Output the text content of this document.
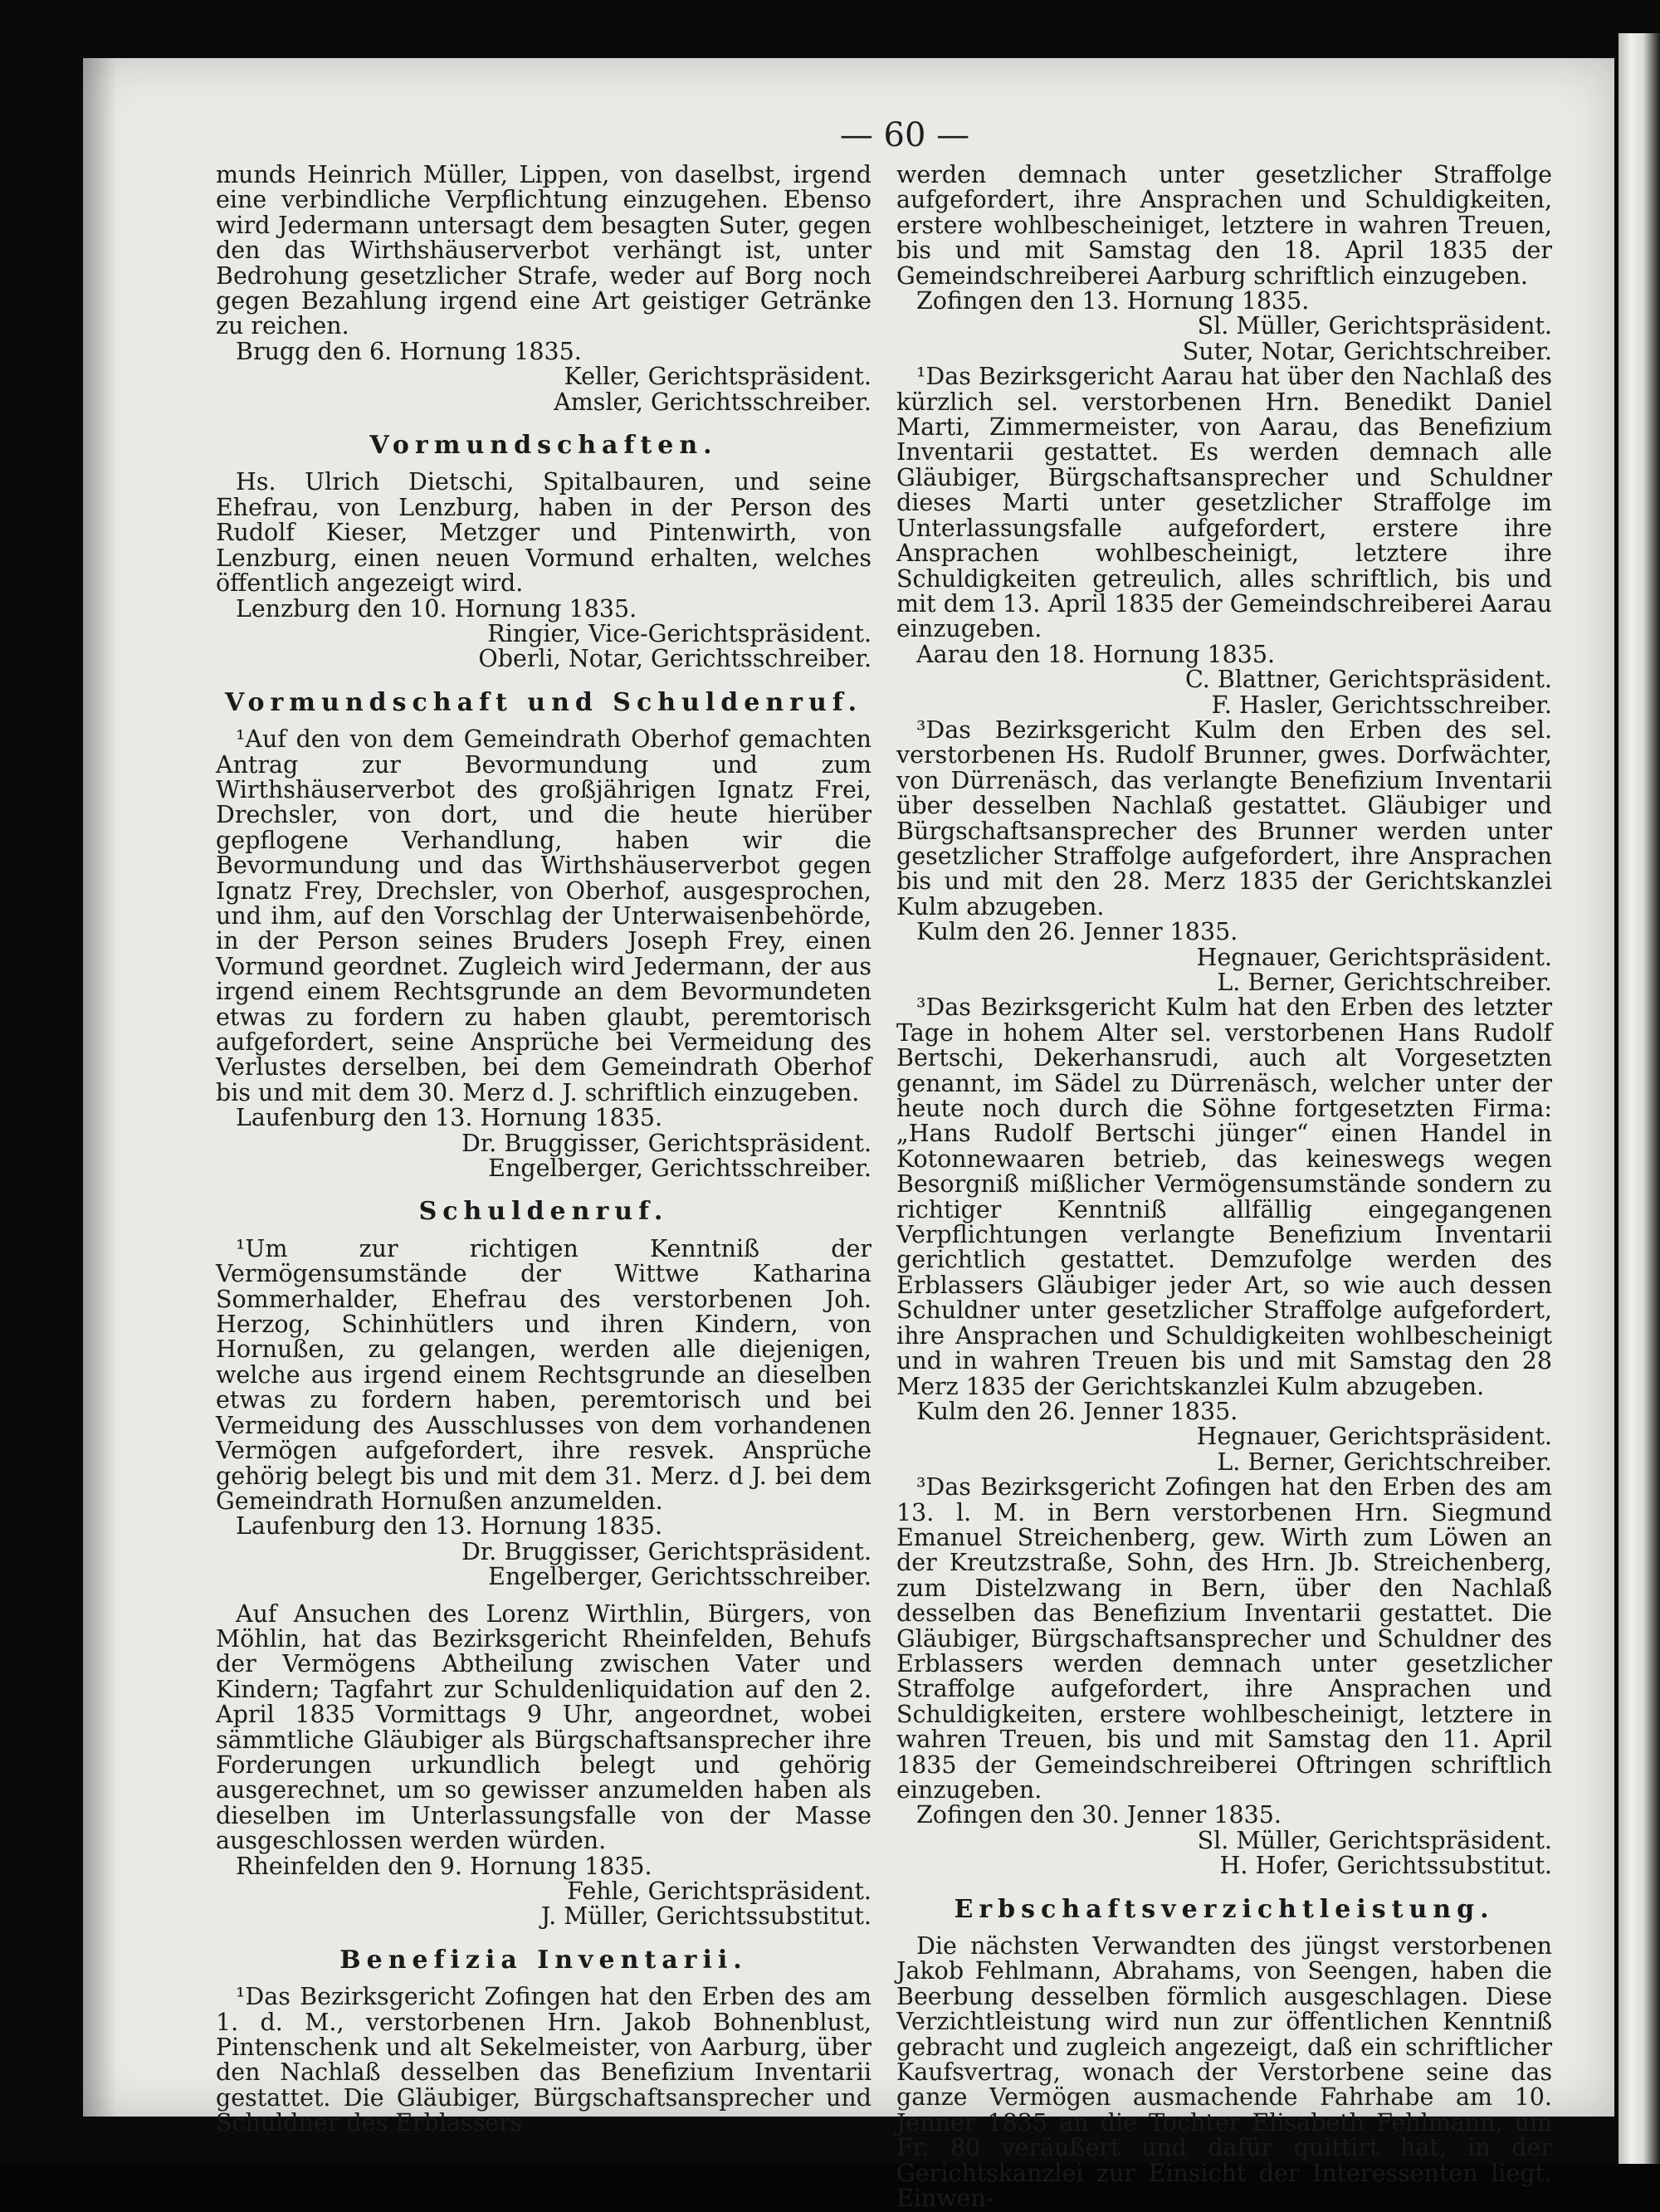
— 60 —

munds Heinrich Müller, Lippen, von daselbst, irgend eine verbindliche Verpflichtung einzugehen. Ebenso wird Jedermann untersagt dem besagten Suter, gegen den das Wirthshäuserverbot verhängt ist, unter Bedrohung gesetzlicher Strafe, weder auf Borg noch gegen Bezahlung irgend eine Art geistiger Getränke zu reichen.

Brugg den 6. Hornung 1835.

Keller, Gerichtspräsident.

Amsler, Gerichtsschreiber.

Vormundschaften.

Hs. Ulrich Dietschi, Spitalbauren, und seine Ehefrau, von Lenzburg, haben in der Person des Rudolf Kieser, Metzger und Pintenwirth, von Lenzburg, einen neuen Vormund erhalten, welches öffentlich angezeigt wird.

Lenzburg den 10. Hornung 1835.

Ringier, Vice-Gerichtspräsident.

Oberli, Notar, Gerichtsschreiber.

Vormundschaft und Schuldenruf.

¹Auf den von dem Gemeindrath Oberhof gemachten Antrag zur Bevormundung und zum Wirthshäuserverbot des großjährigen Ignatz Frei, Drechsler, von dort, und die heute hierüber gepflogene Verhandlung, haben wir die Bevormundung und das Wirthshäuserverbot gegen Ignatz Frey, Drechsler, von Oberhof, ausgesprochen, und ihm, auf den Vorschlag der Unterwaisenbehörde, in der Person seines Bruders Joseph Frey, einen Vormund geordnet. Zugleich wird Jedermann, der aus irgend einem Rechtsgrunde an dem Bevormundeten etwas zu fordern zu haben glaubt, peremtorisch aufgefordert, seine Ansprüche bei Vermeidung des Verlustes derselben, bei dem Gemeindrath Oberhof bis und mit dem 30. Merz d. J. schriftlich einzugeben.

Laufenburg den 13. Hornung 1835.

Dr. Bruggisser, Gerichtspräsident.

Engelberger, Gerichtsschreiber.

Schuldenruf.

¹Um zur richtigen Kenntniß der Vermögensumstände der Wittwe Katharina Sommerhalder, Ehefrau des verstorbenen Joh. Herzog, Schinhütlers und ihren Kindern, von Hornußen, zu gelangen, werden alle diejenigen, welche aus irgend einem Rechtsgrunde an dieselben etwas zu fordern haben, peremtorisch und bei Vermeidung des Ausschlusses von dem vorhandenen Vermögen aufgefordert, ihre resvek. Ansprüche gehörig belegt bis und mit dem 31. Merz. d J. bei dem Gemeindrath Hornußen anzumelden.

Laufenburg den 13. Hornung 1835.

Dr. Bruggisser, Gerichtspräsident.

Engelberger, Gerichtsschreiber.

Auf Ansuchen des Lorenz Wirthlin, Bürgers, von Möhlin, hat das Bezirksgericht Rheinfelden, Behufs der Vermögens Abtheilung zwischen Vater und Kindern; Tagfahrt zur Schuldenliquidation auf den 2. April 1835 Vormittags 9 Uhr, angeordnet, wobei sämmtliche Gläubiger als Bürgschaftsansprecher ihre Forderungen urkundlich belegt und gehörig ausgerechnet, um so gewisser anzumelden haben als dieselben im Unterlassungsfalle von der Masse ausgeschlossen werden würden.

Rheinfelden den 9. Hornung 1835.

Fehle, Gerichtspräsident.

J. Müller, Gerichtssubstitut.

Benefizia Inventarii.

¹Das Bezirksgericht Zofingen hat den Erben des am 1. d. M., verstorbenen Hrn. Jakob Bohnenblust, Pintenschenk und alt Sekelmeister, von Aarburg, über den Nachlaß desselben das Benefizium Inventarii gestattet. Die Gläubiger, Bürgschaftsansprecher und Schuldner des Erblassers

werden demnach unter gesetzlicher Straffolge aufgefordert, ihre Ansprachen und Schuldigkeiten, erstere wohlbescheiniget, letztere in wahren Treuen, bis und mit Samstag den 18. April 1835 der Gemeindschreiberei Aarburg schriftlich einzugeben.

Zofingen den 13. Hornung 1835.

Sl. Müller, Gerichtspräsident.

Suter, Notar, Gerichtschreiber.

¹Das Bezirksgericht Aarau hat über den Nachlaß des kürzlich sel. verstorbenen Hrn. Benedikt Daniel Marti, Zimmermeister, von Aarau, das Benefizium Inventarii gestattet. Es werden demnach alle Gläubiger, Bürgschaftsansprecher und Schuldner dieses Marti unter gesetzlicher Straffolge im Unterlassungsfalle aufgefordert, erstere ihre Ansprachen wohlbescheinigt, letztere ihre Schuldigkeiten getreulich, alles schriftlich, bis und mit dem 13. April 1835 der Gemeindschreiberei Aarau einzugeben.

Aarau den 18. Hornung 1835.

C. Blattner, Gerichtspräsident.

F. Hasler, Gerichtsschreiber.

³Das Bezirksgericht Kulm den Erben des sel. verstorbenen Hs. Rudolf Brunner, gwes. Dorfwächter, von Dürrenäsch, das verlangte Benefizium Inventarii über desselben Nachlaß gestattet. Gläubiger und Bürgschaftsansprecher des Brunner werden unter gesetzlicher Straffolge aufgefordert, ihre Ansprachen bis und mit den 28. Merz 1835 der Gerichtskanzlei Kulm abzugeben.

Kulm den 26. Jenner 1835.

Hegnauer, Gerichtspräsident.

L. Berner, Gerichtschreiber.

³Das Bezirksgericht Kulm hat den Erben des letzter Tage in hohem Alter sel. verstorbenen Hans Rudolf Bertschi, Dekerhansrudi, auch alt Vorgesetzten genannt, im Sädel zu Dürrenäsch, welcher unter der heute noch durch die Söhne fortgesetzten Firma: „Hans Rudolf Bertschi jünger“ einen Handel in Kotonnewaaren betrieb, das keineswegs wegen Besorgniß mißlicher Vermögensumstände sondern zu richtiger Kenntniß allfällig eingegangenen Verpflichtungen verlangte Benefizium Inventarii gerichtlich gestattet. Demzufolge werden des Erblassers Gläubiger jeder Art, so wie auch dessen Schuldner unter gesetzlicher Straffolge aufgefordert, ihre Ansprachen und Schuldigkeiten wohlbescheinigt und in wahren Treuen bis und mit Samstag den 28 Merz 1835 der Gerichtskanzlei Kulm abzugeben.

Kulm den 26. Jenner 1835.

Hegnauer, Gerichtspräsident.

L. Berner, Gerichtschreiber.

³Das Bezirksgericht Zofingen hat den Erben des am 13. l. M. in Bern verstorbenen Hrn. Siegmund Emanuel Streichenberg, gew. Wirth zum Löwen an der Kreutzstraße, Sohn, des Hrn. Jb. Streichenberg, zum Distelzwang in Bern, über den Nachlaß desselben das Benefizium Inventarii gestattet. Die Gläubiger, Bürgschaftsansprecher und Schuldner des Erblassers werden demnach unter gesetzlicher Straffolge aufgefordert, ihre Ansprachen und Schuldigkeiten, erstere wohlbescheinigt, letztere in wahren Treuen, bis und mit Samstag den 11. April 1835 der Gemeindschreiberei Oftringen schriftlich einzugeben.

Zofingen den 30. Jenner 1835.

Sl. Müller, Gerichtspräsident.

H. Hofer, Gerichtssubstitut.

Erbschaftsverzichtleistung.

Die nächsten Verwandten des jüngst verstorbenen Jakob Fehlmann, Abrahams, von Seengen, haben die Beerbung desselben förmlich ausgeschlagen. Diese Verzichtleistung wird nun zur öffentlichen Kenntniß gebracht und zugleich angezeigt, daß ein schriftlicher Kaufsvertrag, wonach der Verstorbene seine das ganze Vermögen ausmachende Fahrhabe am 10. Jenner 1835 an die Tochter Elisabeth Fehlmann, um Fr. 80 veräußert und dafür quittirt hat, in der Gerichtskanzlei zur Einsicht der Interessenten liegt. Einwen-
